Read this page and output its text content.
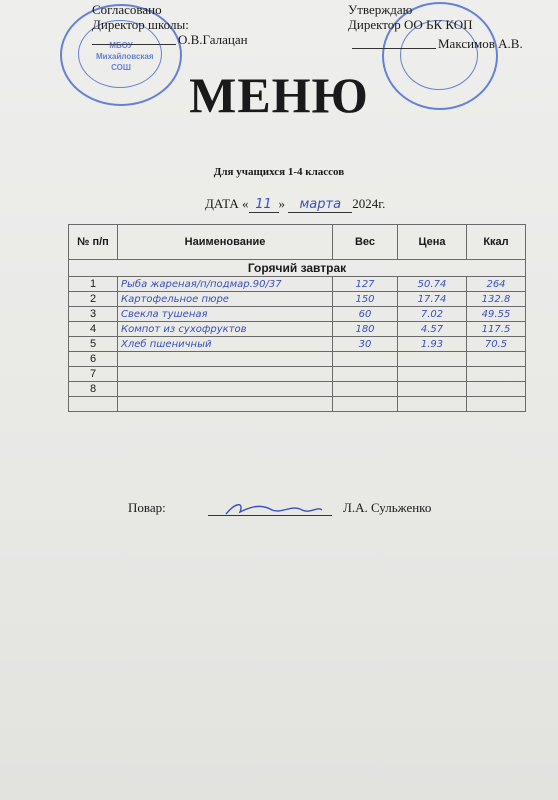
МБОУ
Михайловская
СОШ
Согласовано
Директор школы:
О.В.Галацан
Утверждаю
Директор ОО ЬК КОП
Максимов А.В.
МЕНЮ
Для учащихся 1-4 классов
ДАТА « 11 » марта 2024г.
№ п/п	Наименование	Вес	Цена	Ккал
Горячий завтрак				
1	Рыба жареная/п/подмар.90/37	127	50.74	264
2	Картофельное пюре	150	17.74	132.8
3	Свекла тушеная	60	7.02	49.55
4	Компот из сухофруктов	180	4.57	117.5
5	Хлеб пшеничный	30	1.93	70.5
6				
7				
8				

Повар:	Л.А. Сульженко
